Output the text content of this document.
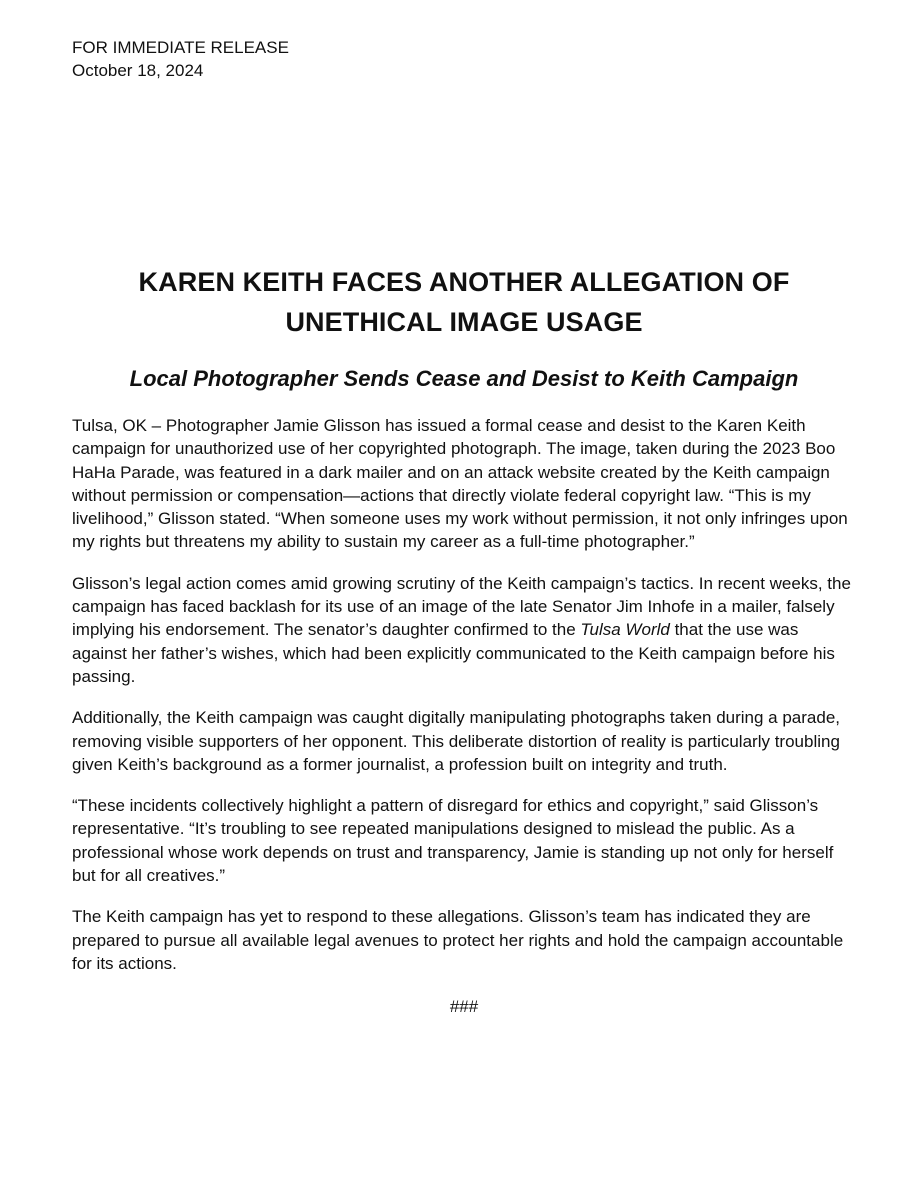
FOR IMMEDIATE RELEASE

October 18, 2024

KAREN KEITH FACES ANOTHER ALLEGATION OF
UNETHICAL IMAGE USAGE
Local Photographer Sends Cease and Desist to Keith Campaign

Tulsa, OK – Photographer Jamie Glisson has issued a formal cease and desist to the Karen Keith campaign for unauthorized use of her copyrighted photograph. The image, taken during the 2023 Boo HaHa Parade, was featured in a dark mailer and on an attack website created by the Keith campaign without permission or compensation—actions that directly violate federal copyright law. “This is my livelihood,” Glisson stated. “When someone uses my work without permission, it not only infringes upon my rights but threatens my ability to sustain my career as a full-time photographer.”

Glisson’s legal action comes amid growing scrutiny of the Keith campaign’s tactics. In recent weeks, the campaign has faced backlash for its use of an image of the late Senator Jim Inhofe in a mailer, falsely implying his endorsement. The senator’s daughter confirmed to the Tulsa World that the use was against her father’s wishes, which had been explicitly communicated to the Keith campaign before his passing.

Additionally, the Keith campaign was caught digitally manipulating photographs taken during a parade, removing visible supporters of her opponent. This deliberate distortion of reality is particularly troubling given Keith’s background as a former journalist, a profession built on integrity and truth.

“These incidents collectively highlight a pattern of disregard for ethics and copyright,” said Glisson’s representative. “It’s troubling to see repeated manipulations designed to mislead the public. As a professional whose work depends on trust and transparency, Jamie is standing up not only for herself but for all creatives.”

The Keith campaign has yet to respond to these allegations. Glisson’s team has indicated they are prepared to pursue all available legal avenues to protect her rights and hold the campaign accountable for its actions.

###
